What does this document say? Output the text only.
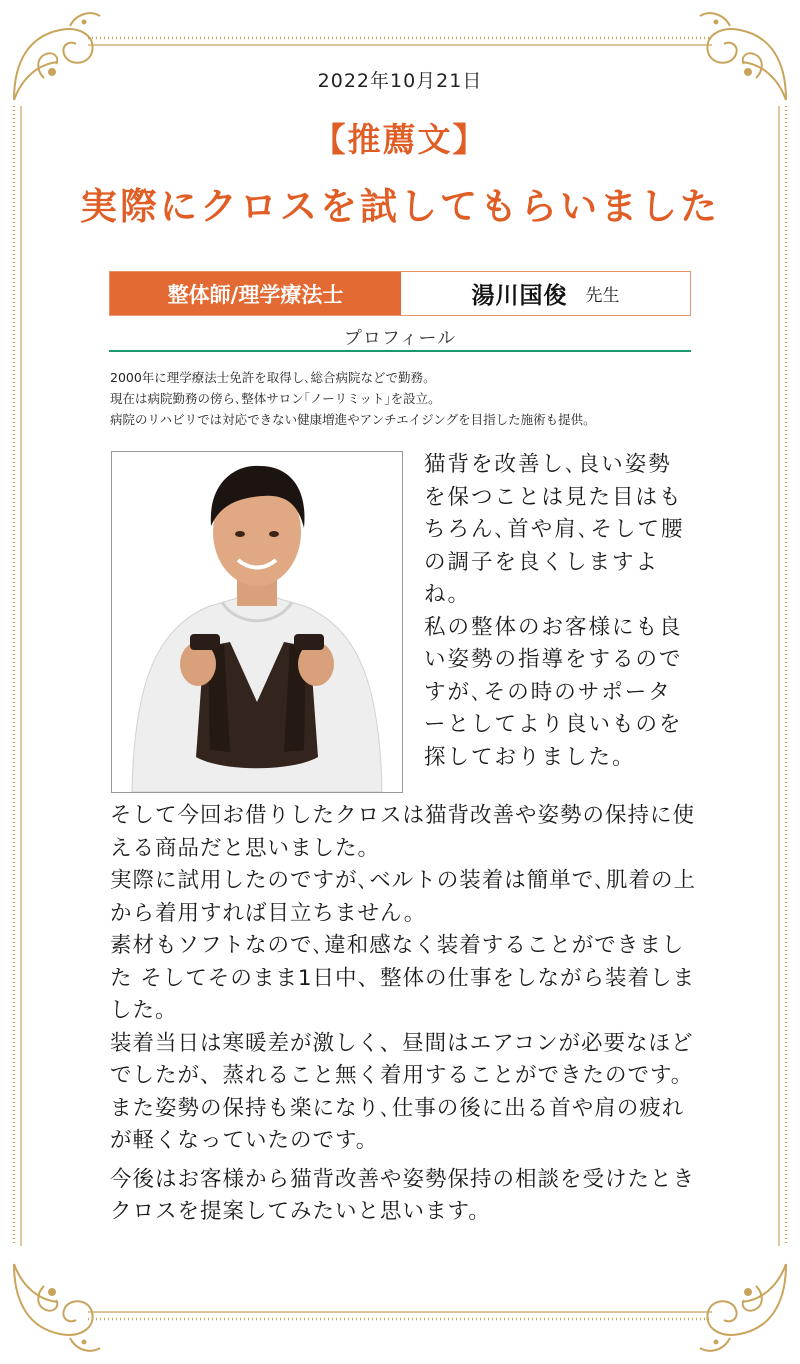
2022年10月21日
【推薦文】
実際にクロスを試してもらいました
整体師/理学療法士	湯川国俊 先生
プロフィール
2000年に理学療法士免許を取得し､総合病院などで勤務｡
現在は病院勤務の傍ら､整体サロン｢ノーリミット｣を設立｡
病院のリハビリでは対応できない健康増進やアンチエイジングを目指した施術も提供｡

猫背を改善し､良い姿勢を保つことは見た目はもちろん､首や肩､そして腰の調子を良くしますよね。

私の整体のお客様にも良い姿勢の指導をするのですが､その時のサポーターとしてより良いものを探しておりました。

そして今回お借りしたクロスは猫背改善や姿勢の保持に使える商品だと思いました。

実際に試用したのですが､ベルトの装着は簡単で､肌着の上から着用すれば目立ちません。

素材もソフトなので､違和感なく装着することができました そしてそのまま1日中、整体の仕事をしながら装着しました。

装着当日は寒暖差が激しく、昼間はエアコンが必要なほどでしたが、蒸れること無く着用することができたのです。

また姿勢の保持も楽になり､仕事の後に出る首や肩の疲れが軽くなっていたのです。

今後はお客様から猫背改善や姿勢保持の相談を受けたときクロスを提案してみたいと思います。
